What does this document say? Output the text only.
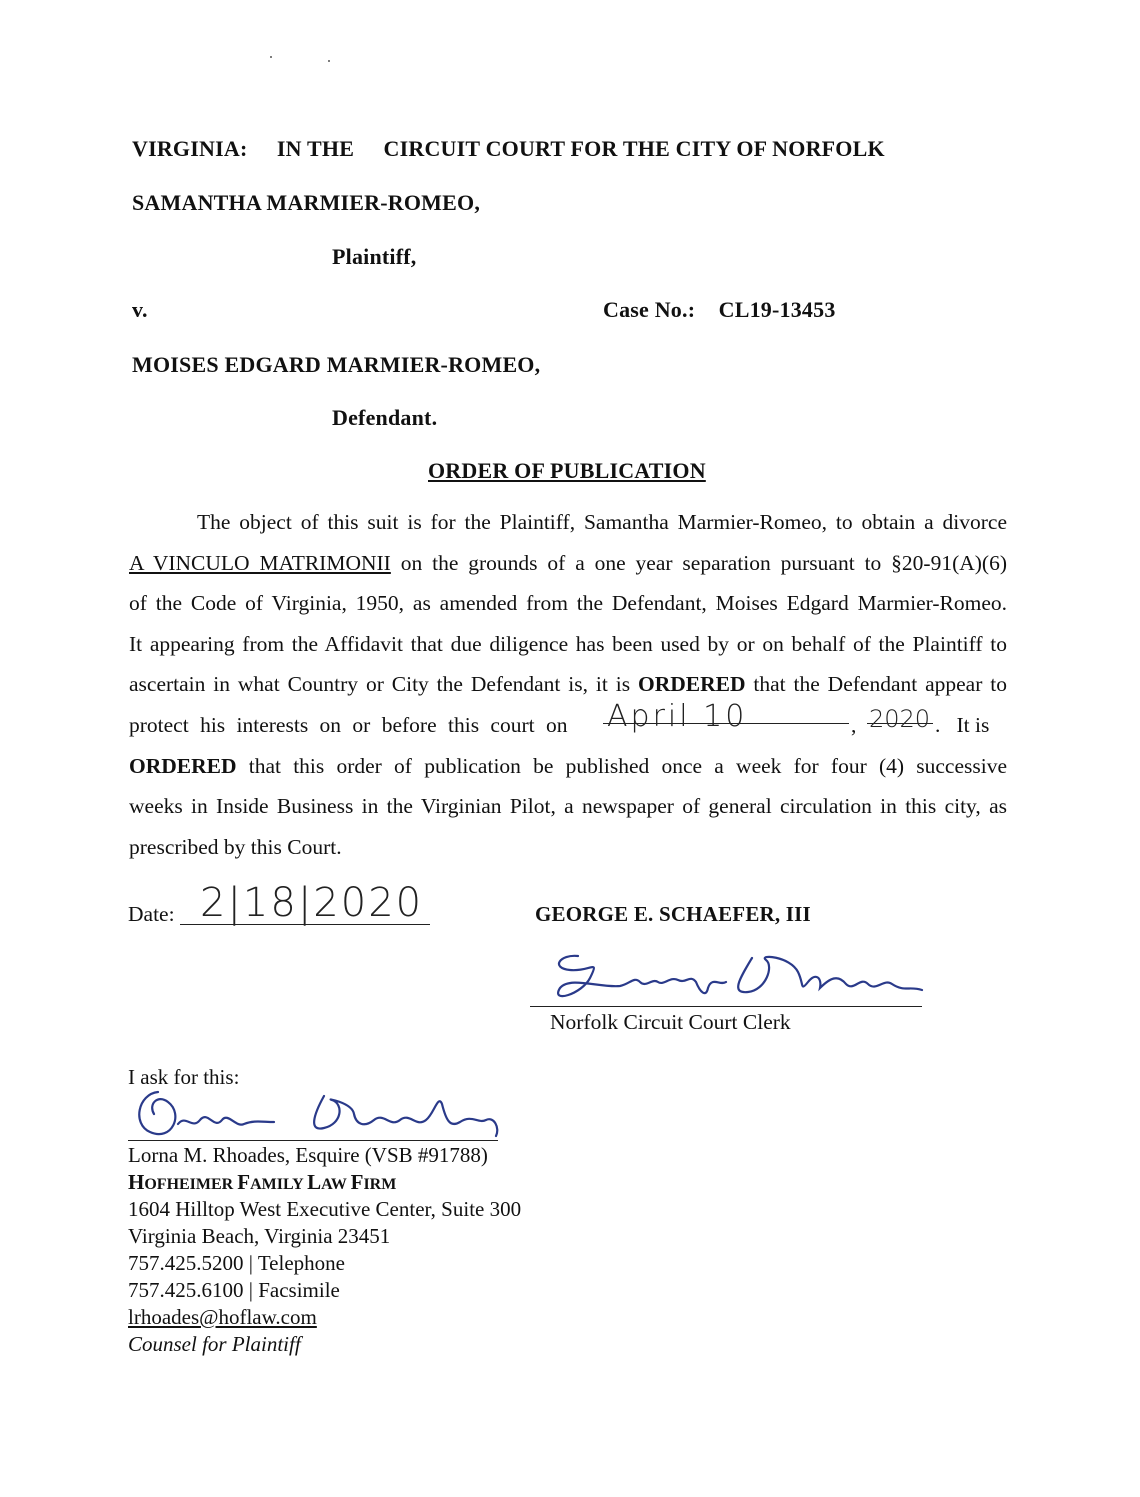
VIRGINIA: IN THE CIRCUIT COURT FOR THE CITY OF NORFOLK
SAMANTHA MARMIER-ROMEO,
Plaintiff,
v.	Case No.: CL19-13453
MOISES EDGARD MARMIER-ROMEO,
Defendant.
ORDER OF PUBLICATION
The object of this suit is for the Plaintiff, Samantha Marmier-Romeo, to obtain a divorce
A VINCULO MATRIMONII on the grounds of a one year separation pursuant to §20-91(A)(6)
of the Code of Virginia, 1950, as amended from the Defendant, Moises Edgard Marmier-Romeo.
It appearing from the Affidavit that due diligence has been used by or on behalf of the Plaintiff to
ascertain in what Country or City the Defendant is, it is ORDERED that the Defendant appear to
protect his interests on or before this court on April 10	, 2020 .   It is
ORDERED that this order of publication be published once a week for four (4) successive
weeks in Inside Business in the Virginian Pilot, a newspaper of general circulation in this city, as
prescribed by this Court.
Date: 2|18|2020	GEORGE E. SCHAEFER, III
Norfolk Circuit Court Clerk
I ask for this:
Lorna M. Rhoades, Esquire (VSB #91788)
HOFHEIMER FAMILY LAW FIRM
1604 Hilltop West Executive Center, Suite 300
Virginia Beach, Virginia 23451
757.425.5200 | Telephone
757.425.6100 | Facsimile
lrhoades@hoflaw.com
Counsel for Plaintiff
